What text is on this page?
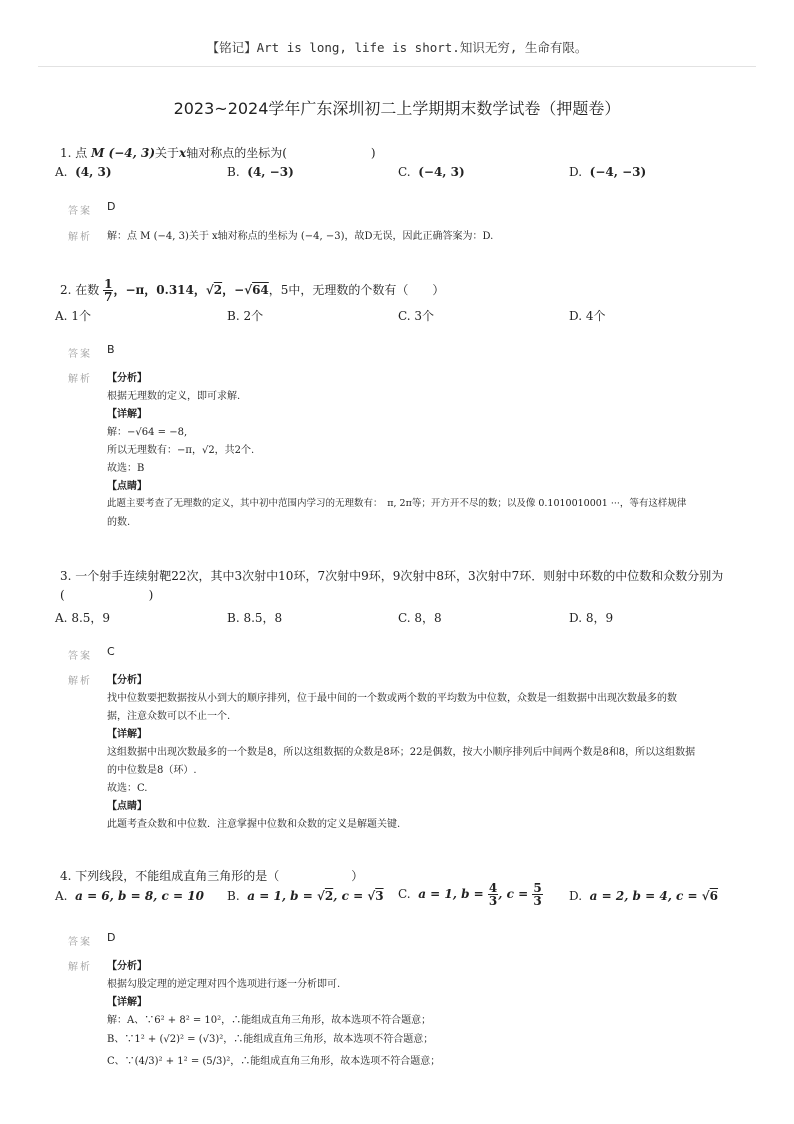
【铭记】Art is long, life is short.知识无穷, 生命有限。
2023~2024学年广东深圳初二上学期期末数学试卷（押题卷）
1. 点 M (−4, 3)关于x轴对称点的坐标为(　　　　　　　)
A. (4, 3)	B. (4, −3)	C. (−4, 3)	D. (−4, −3)
答案 D
解析 解：点 M (−4, 3)关于 x轴对称点的坐标为 (−4, −3)，故D无误，因此正确答案为：D.
2. 在数 $\frac{1}{7}$ ，−π，0.314，√2，−√64，5中，无理数的个数有（　　）
A. 1个	B. 2个	C. 3个	D. 4个
答案 B
解析 【分析】
根据无理数的定义，即可求解.
【详解】
解：−√64 = −8,
所以无理数有：−π，√2，共2个.
故选：B
【点睛】
此题主要考查了无理数的定义，其中初中范围内学习的无理数有：　π, 2π等；开方开不尽的数；以及像 0.1010010001 ···，等有这样规律
的数.
3. 一个射手连续射靶22次，其中3次射中10环，7次射中9环，9次射中8环，3次射中7环．则射中环数的中位数和众数分别为
(　　　　　　　)
A. 8.5，9	B. 8.5，8	C. 8，8	D. 8，9
答案 C
解析 【分析】
找中位数要把数据按从小到大的顺序排列，位于最中间的一个数或两个数的平均数为中位数，众数是一组数据中出现次数最多的数
据，注意众数可以不止一个.
【详解】
这组数据中出现次数最多的一个数是8，所以这组数据的众数是8环；22是偶数，按大小顺序排列后中间两个数是8和8，所以这组数据
的中位数是8（环）.
故选：C.
【点睛】
此题考查众数和中位数．注意掌握中位数和众数的定义是解题关键.
4. 下列线段，不能组成直角三角形的是（　　　　　　）
A. a = 6, b = 8, c = 10 B. a = 1, b = √2, c = √3 C. a = 1, $b = \frac{4}{3}$ , $c = \frac{5}{3} D$. a = 2, b = 4, c = √6
答案 D
解析 【分析】
根据勾股定理的逆定理对四个选项进行逐一分析即可.
【详解】
解：A、∵6² + 8² = 10²，∴能组成直角三角形，故本选项不符合题意；
B、∵1² + (√2)² = (√3)²，∴能组成直角三角形，故本选项不符合题意；
C、∵(4/3)² + 1² = (5/3)²，∴能组成直角三角形，故本选项不符合题意；
